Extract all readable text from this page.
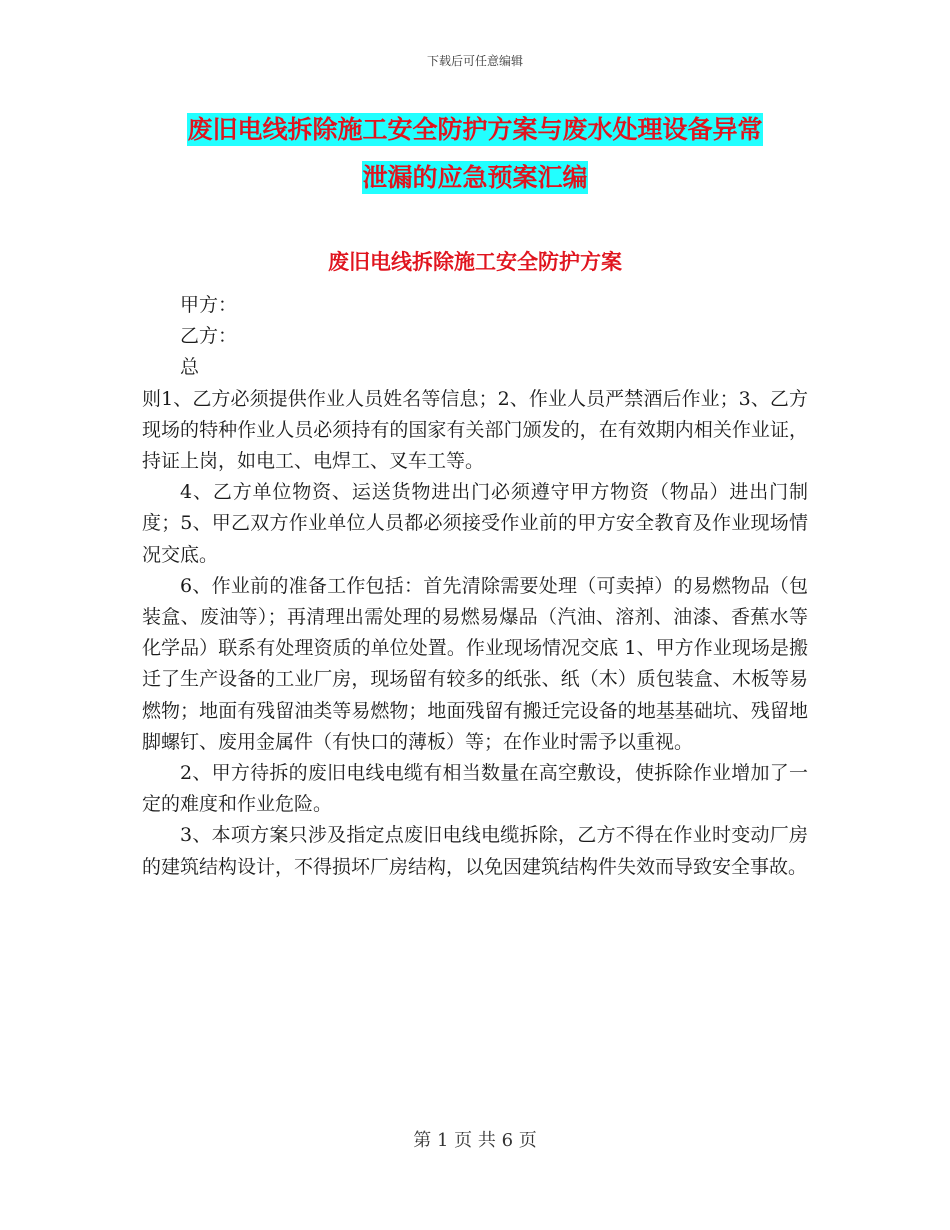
下载后可任意编辑
废旧电线拆除施工安全防护方案与废水处理设备异常
泄漏的应急预案汇编
废旧电线拆除施工安全防护方案

甲方：

乙方：

总

则1、乙方必须提供作业人员姓名等信息；2、作业人员严禁酒后作业；3、乙方现场的特种作业人员必须持有的国家有关部门颁发的，在有效期内相关作业证，持证上岗，如电工、电焊工、叉车工等。

4、乙方单位物资、运送货物进出门必须遵守甲方物资（物品）进出门制度；5、甲乙双方作业单位人员都必须接受作业前的甲方安全教育及作业现场情况交底。

6、作业前的准备工作包括：首先清除需要处理（可卖掉）的易燃物品（包装盒、废油等）；再清理出需处理的易燃易爆品（汽油、溶剂、油漆、香蕉水等化学品）联系有处理资质的单位处置。作业现场情况交底 1、甲方作业现场是搬迁了生产设备的工业厂房，现场留有较多的纸张、纸（木）质包装盒、木板等易燃物；地面有残留油类等易燃物；地面残留有搬迁完设备的地基基础坑、残留地脚螺钉、废用金属件（有快口的薄板）等；在作业时需予以重视。

2、甲方待拆的废旧电线电缆有相当数量在高空敷设，使拆除作业增加了一定的难度和作业危险。

3、本项方案只涉及指定点废旧电线电缆拆除，乙方不得在作业时变动厂房的建筑结构设计，不得损坏厂房结构，以免因建筑结构件失效而导致安全事故。

第 1 页 共 6 页
